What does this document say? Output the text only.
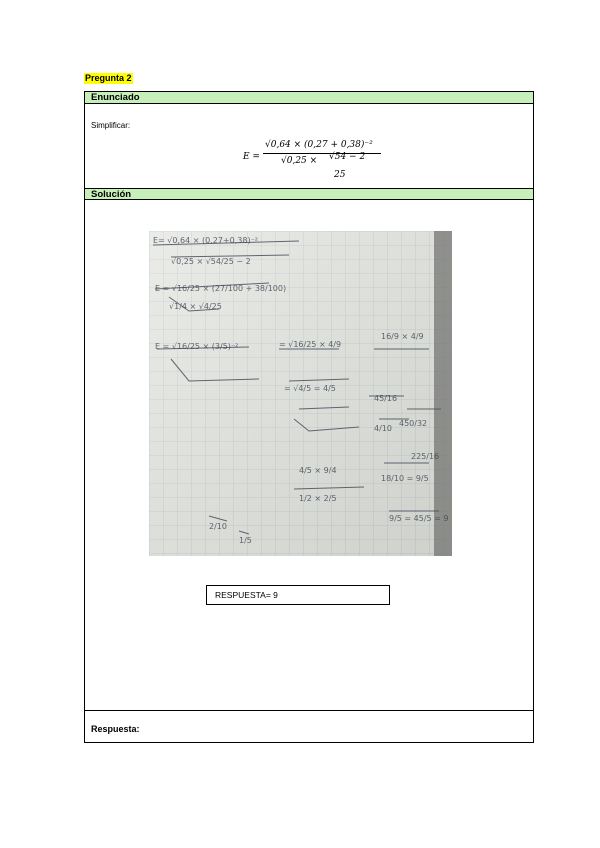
Pregunta 2
Enunciado
Simplificar:
E =
√0,64 × (0,27 + 0,38)⁻²
√0,25 × √54 − 2
25
Solución
E= √0,64 × (0,27+0,38)⁻²
√0,25 × √54/25 − 2
E = √16/25 × (27/100 + 38/100)
√1/4 × √4/25
E = √16/25 × (3/5)⁻²	= √16/25 × 4/9
= √4/5 = 4/5
16/9 × 4/9
45/16
4/10
450/32
225/16
18/10 = 9/5
4/5 × 9/4
1/2 × 2/5
9/5 = 45/5 = 9
2/10
1/5
RESPUESTA= 9
Respuesta:
